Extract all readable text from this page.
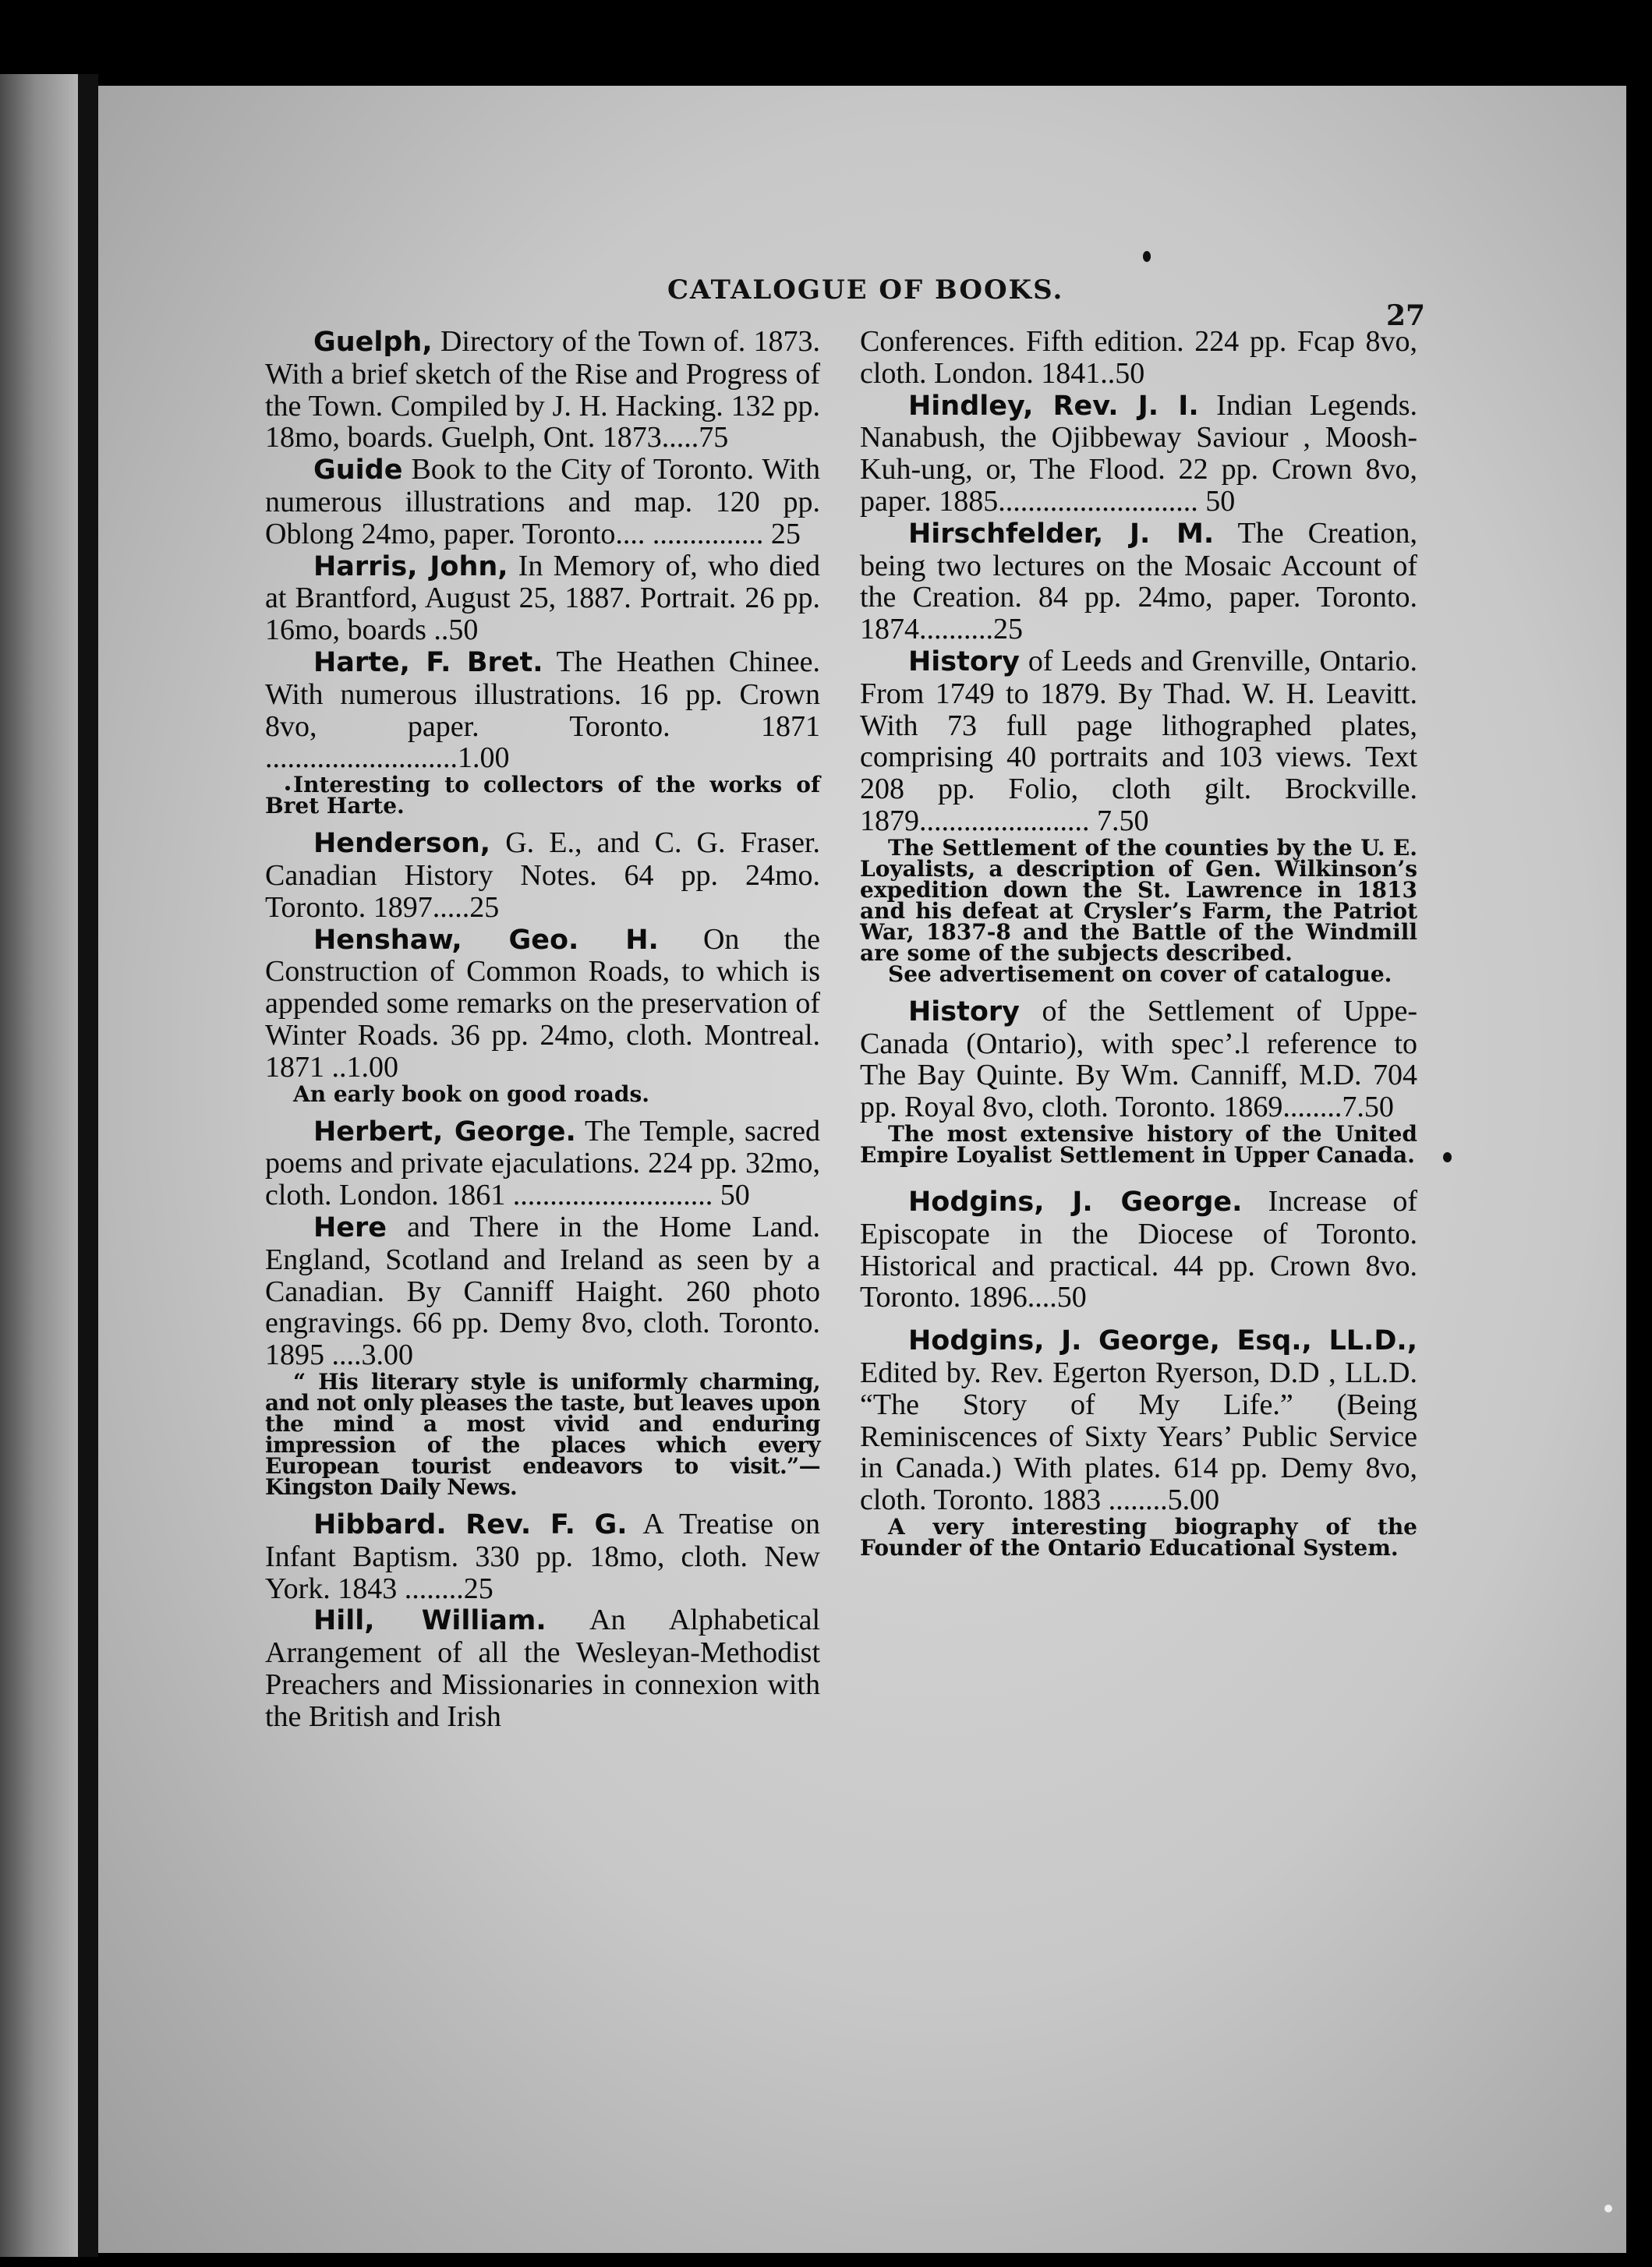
CATALOGUE OF BOOKS.
27

Guelph, Directory of the Town of. 1873. With a brief sketch of the Rise and Progress of the Town. Compiled by J. H. Hacking. 132 pp. 18mo, boards. Guelph, Ont. 1873.....75

Guide Book to the City of Toronto. With numerous illustrations and map. 120 pp. Oblong 24mo, paper. Toronto.... ............... 25

Harris, John, In Memory of, who died at Brantford, August 25, 1887. Portrait. 26 pp. 16mo, boards ..50

Harte, F. Bret. The Heathen Chinee. With numerous illustrations. 16 pp. Crown 8vo, paper. Toronto. 1871 ..........................1.00

Interesting to collectors of the works of Bret Harte.

Henderson, G. E., and C. G. Fraser. Canadian History Notes. 64 pp. 24mo. Toronto. 1897.....25

Henshaw, Geo. H. On the Construction of Common Roads, to which is appended some remarks on the preservation of Winter Roads. 36 pp. 24mo, cloth. Montreal. 1871 ..1.00

An early book on good roads.

Herbert, George. The Temple, sacred poems and private ejaculations. 224 pp. 32mo, cloth. London. 1861 ........................... 50

Here and There in the Home Land. England, Scotland and Ireland as seen by a Canadian. By Canniff Haight. 260 photo engravings. 66 pp. Demy 8vo, cloth. Toronto. 1895 ....3.00

“ His literary style is uniformly charming, and not only pleases the taste, but leaves upon the mind a most vivid and enduring impression of the places which every European tourist endeavors to visit.”—Kingston Daily News.

Hibbard. Rev. F. G. A Treatise on Infant Baptism. 330 pp. 18mo, cloth. New York. 1843 ........25

Hill, William. An Alphabetical Arrangement of all the Wesleyan-Methodist Preachers and Missionaries in connexion with the British and Irish

Conferences. Fifth edition. 224 pp. Fcap 8vo, cloth. London. 1841..50

Hindley, Rev. J. I. Indian Legends. Nanabush, the Ojibbeway Saviour , Moosh-Kuh-ung, or, The Flood. 22 pp. Crown 8vo, paper. 1885........................... 50

Hirschfelder, J. M. The Creation, being two lectures on the Mosaic Account of the Creation. 84 pp. 24mo, paper. Toronto. 1874..........25

History of Leeds and Grenville, Ontario. From 1749 to 1879. By Thad. W. H. Leavitt. With 73 full page lithographed plates, comprising 40 portraits and 103 views. Text 208 pp. Folio, cloth gilt. Brockville. 1879....................... 7.50

The Settlement of the counties by the U. E. Loyalists, a description of Gen. Wilkinson’s expedition down the St. Lawrence in 1813 and his defeat at Crysler’s Farm, the Patriot War, 1837-8 and the Battle of the Windmill are some of the subjects described.

See advertisement on cover of catalogue.

History of the Settlement of Uppe- Canada (Ontario), with spec’.l reference to The Bay Quinte. By Wm. Canniff, M.D. 704 pp. Royal 8vo, cloth. Toronto. 1869........7.50

The most extensive history of the United Empire Loyalist Settlement in Upper Canada.

Hodgins, J. George. Increase of Episcopate in the Diocese of Toronto. Historical and practical. 44 pp. Crown 8vo. Toronto. 1896....50

Hodgins, J. George, Esq., LL.D., Edited by. Rev. Egerton Ryerson, D.D , LL.D. “The Story of My Life.” (Being Reminiscences of Sixty Years’ Public Service in Canada.) With plates. 614 pp. Demy 8vo, cloth. Toronto. 1883 ........5.00

A very interesting biography of the Founder of the Ontario Educational System.
